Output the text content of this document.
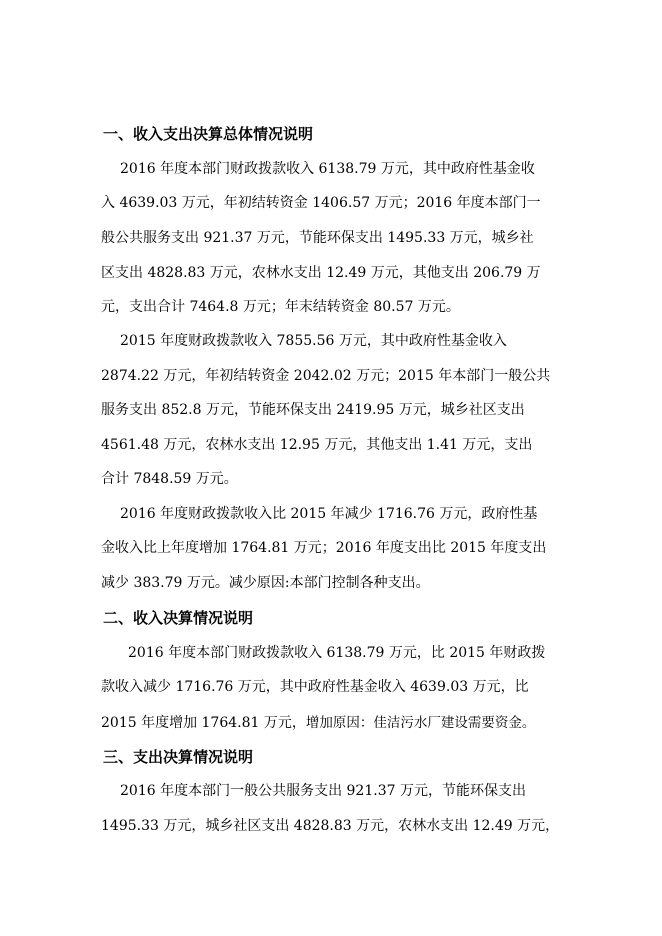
一、收入支出决算总体情况说明
2016 年度本部门财政拨款收入 6138.79 万元，其中政府性基金收
入 4639.03 万元，年初结转资金 1406.57 万元；2016 年度本部门一
般公共服务支出 921.37 万元，节能环保支出 1495.33 万元，城乡社
区支出 4828.83 万元，农林水支出 12.49 万元，其他支出 206.79 万
元，支出合计 7464.8 万元；年末结转资金 80.57 万元。
2015 年度财政拨款收入 7855.56 万元，其中政府性基金收入
2874.22 万元，年初结转资金 2042.02 万元；2015 年本部门一般公共
服务支出 852.8 万元，节能环保支出 2419.95 万元，城乡社区支出
4561.48 万元，农林水支出 12.95 万元，其他支出 1.41 万元，支出
合计 7848.59 万元。
2016 年度财政拨款收入比 2015 年减少 1716.76 万元，政府性基
金收入比上年度增加 1764.81 万元；2016 年度支出比 2015 年度支出
减少 383.79 万元。减少原因:本部门控制各种支出。
二、收入决算情况说明
2016 年度本部门财政拨款收入 6138.79 万元，比 2015 年财政拨
款收入减少 1716.76 万元，其中政府性基金收入 4639.03 万元，比
2015 年度增加 1764.81 万元，增加原因：佳洁污水厂建设需要资金。
三、支出决算情况说明
2016 年度本部门一般公共服务支出 921.37 万元，节能环保支出
1495.33 万元，城乡社区支出 4828.83 万元，农林水支出 12.49 万元，
